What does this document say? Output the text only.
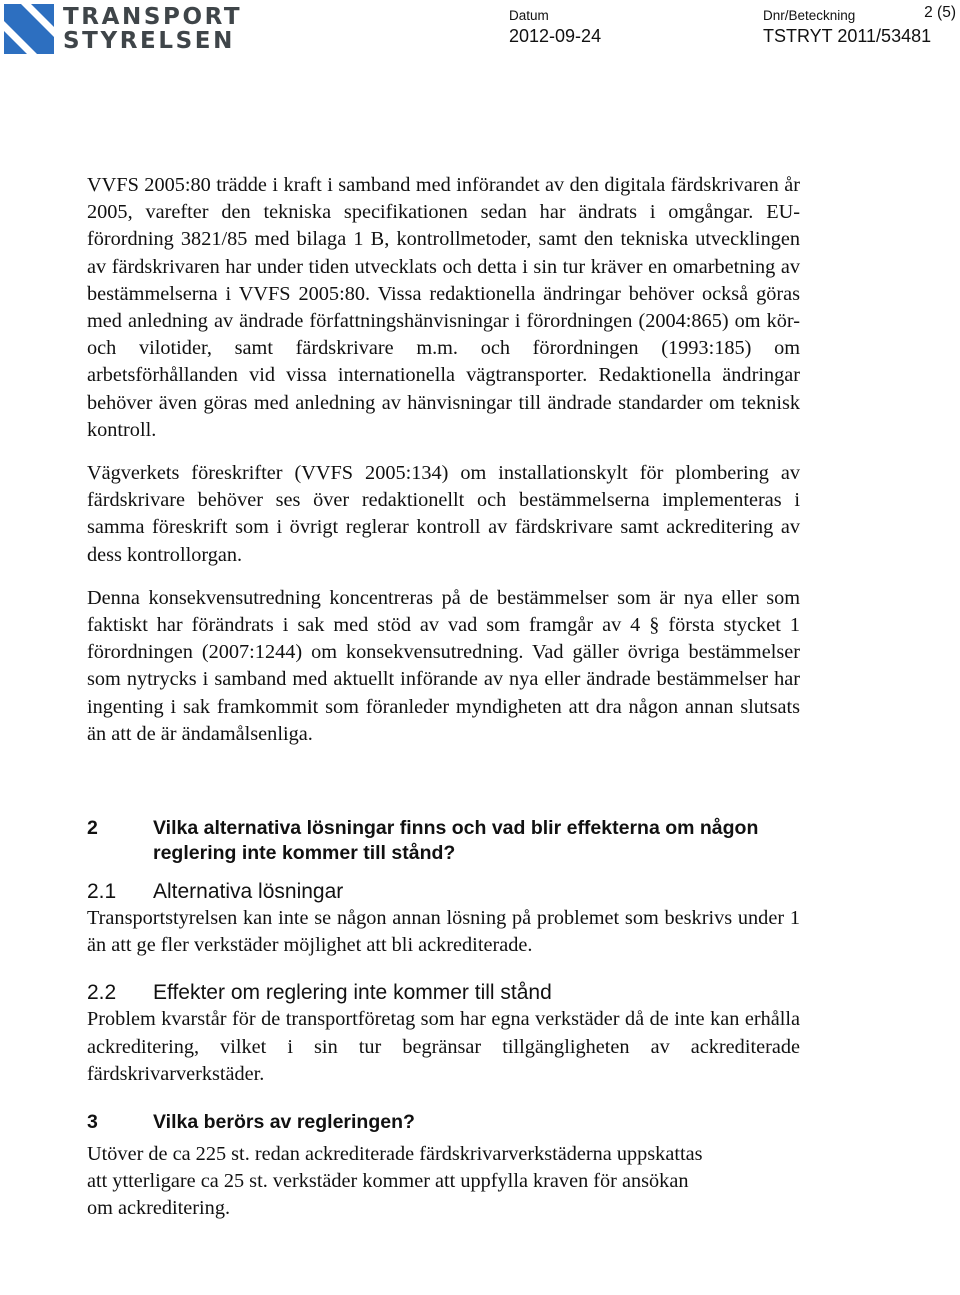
TRANSPORT
STYRELSEN
Datum
2012-09-24
Dnr/Beteckning
TSTRYT 2011/53481
2 (5)

VVFS 2005:80 trädde i kraft i samband med införandet av den digitala färdskrivaren år 2005, varefter den tekniska specifikationen sedan har ändrats i omgångar. EU-förordning 3821/85 med bilaga 1 B, kontrollmetoder, samt den tekniska utvecklingen av färdskrivaren har under tiden utvecklats och detta i sin tur kräver en omarbetning av bestämmelserna i VVFS 2005:80. Vissa redaktionella ändringar behöver också göras med anledning av ändrade författningshänvisningar i förordningen (2004:865) om kör- och vilotider, samt färdskrivare m.m. och förordningen (1993:185) om arbetsförhållanden vid vissa internationella vägtransporter. Redaktionella ändringar behöver även göras med anledning av hänvisningar till ändrade standarder om teknisk kontroll.

Vägverkets föreskrifter (VVFS 2005:134) om installationskylt för plombering av färdskrivare behöver ses över redaktionellt och bestämmelserna implementeras i samma föreskrift som i övrigt reglerar kontroll av färdskrivare samt ackreditering av dess kontrollorgan.

Denna konsekvensutredning koncentreras på de bestämmelser som är nya eller som faktiskt har förändrats i sak med stöd av vad som framgår av 4 § första stycket 1 förordningen (2007:1244) om konsekvensutredning. Vad gäller övriga bestämmelser som nytrycks i samband med aktuellt införande av nya eller ändrade bestämmelser har ingenting i sak framkommit som föranleder myndigheten att dra någon annan slutsats än att de är ändamålsenliga.

2	Vilka alternativa lösningar finns och vad blir effekterna om någon reglering inte kommer till stånd?
2.1	Alternativa lösningar

Transportstyrelsen kan inte se någon annan lösning på problemet som beskrivs under 1 än att ge fler verkstäder möjlighet att bli ackrediterade.

2.2	Effekter om reglering inte kommer till stånd

Problem kvarstår för de transportföretag som har egna verkstäder då de inte kan erhålla ackreditering, vilket i sin tur begränsar tillgängligheten av ackrediterade färdskrivarverkstäder.

3	Vilka berörs av regleringen?
Utöver de ca 225 st. redan ackrediterade färdskrivarverkstäderna uppskattas
att ytterligare ca 25 st. verkstäder kommer att uppfylla kraven för ansökan
om ackreditering.
